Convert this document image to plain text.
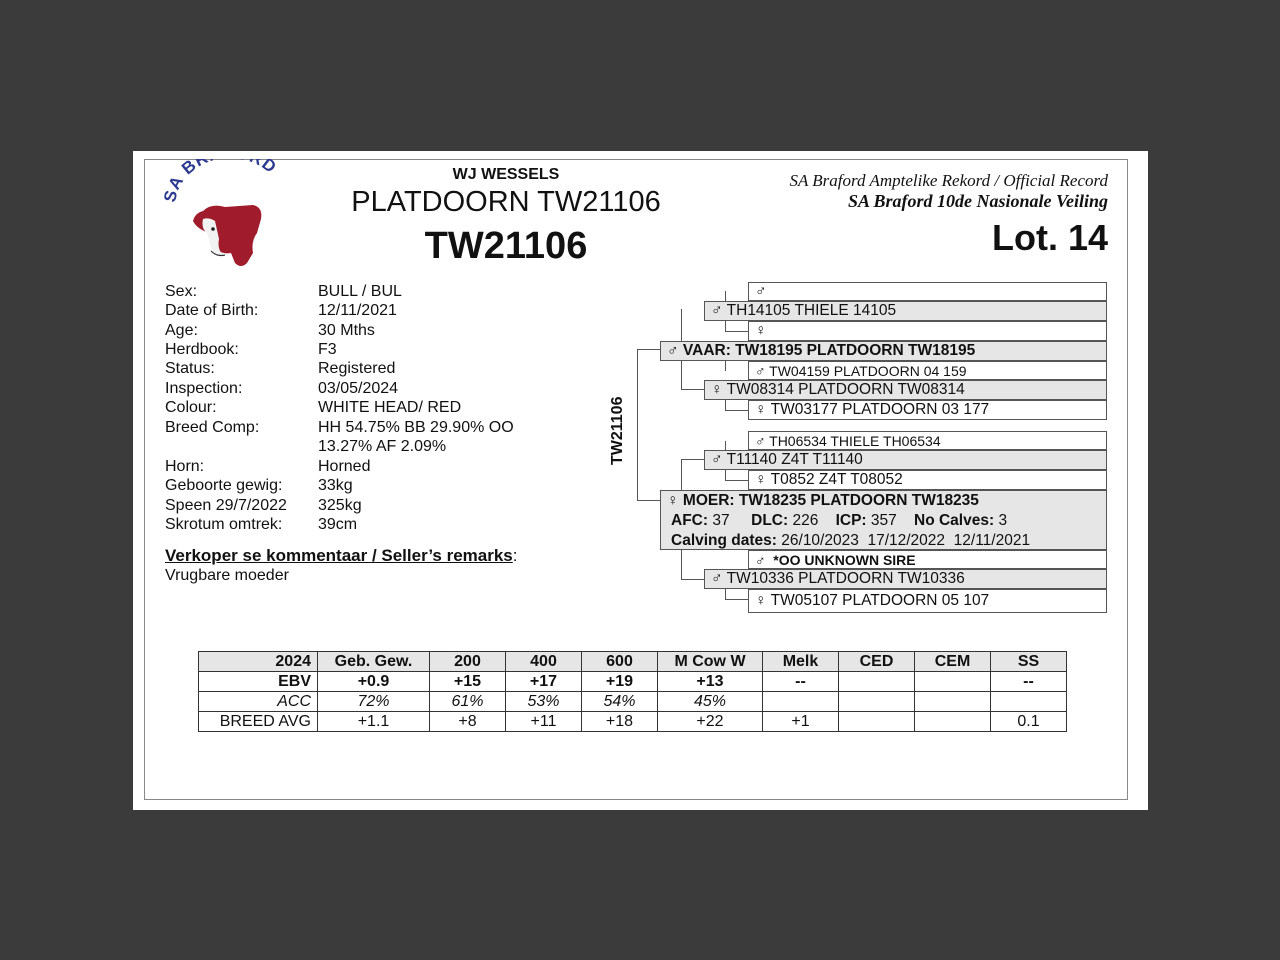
A B D	WJ WESSELS
PLATDOORN TW21106
TW21106
SA Braford Amptelike Rekord / Official Record
SA Braford 10de Nasionale Veiling
Lot. 14
Sex:	BULL / BUL
Date of Birth:	12/11/2021
Age:	30 Mths
Herdbook:	F3
Status:	Registered
Inspection:	03/05/2024
Colour:	WHITE HEAD/ RED
Breed Comp:	HH 54.75% BB 29.90% OO 13.27% AF 2.09%
Horn:	Horned
Geboorte gewig: 33kg
Speen 29/7/2022 325kg
Skrotum omtrek: 39cm
Verkoper se kommentaar / Seller’s remarks:
Vrugbare moeder
TW21106
♂
♂ TH14105 THIELE 14105
♀
♂ VAAR: TW18195 PLATDOORN TW18195
♂ TW04159 PLATDOORN 04 159
♀ TW08314 PLATDOORN TW08314
♀ TW03177 PLATDOORN 03 177
♂ TH06534 THIELE TH06534
♂ T11140 Z4T T11140
♀ T0852 Z4T T08052
♀ MOER: TW18235 PLATDOORN TW18235
AFC: 37 DLC: 226 ICP: 357 No Calves: 3
Calving dates: 26/10/2023  17/12/2022  12/11/2021
♂  *OO UNKNOWN SIRE
♂ TW10336 PLATDOORN TW10336
♀ TW05107 PLATDOORN 05 107
2024	Geb. Gew.	200	400	600	M Cow W	Melk	CED	CEM	SS
EBV	+0.9	+15	+17	+19	+13	--			--
ACC	72%	61%	53%	54%	45%				
BREED AVG	+1.1	+8	+11	+18	+22	+1			0.1
